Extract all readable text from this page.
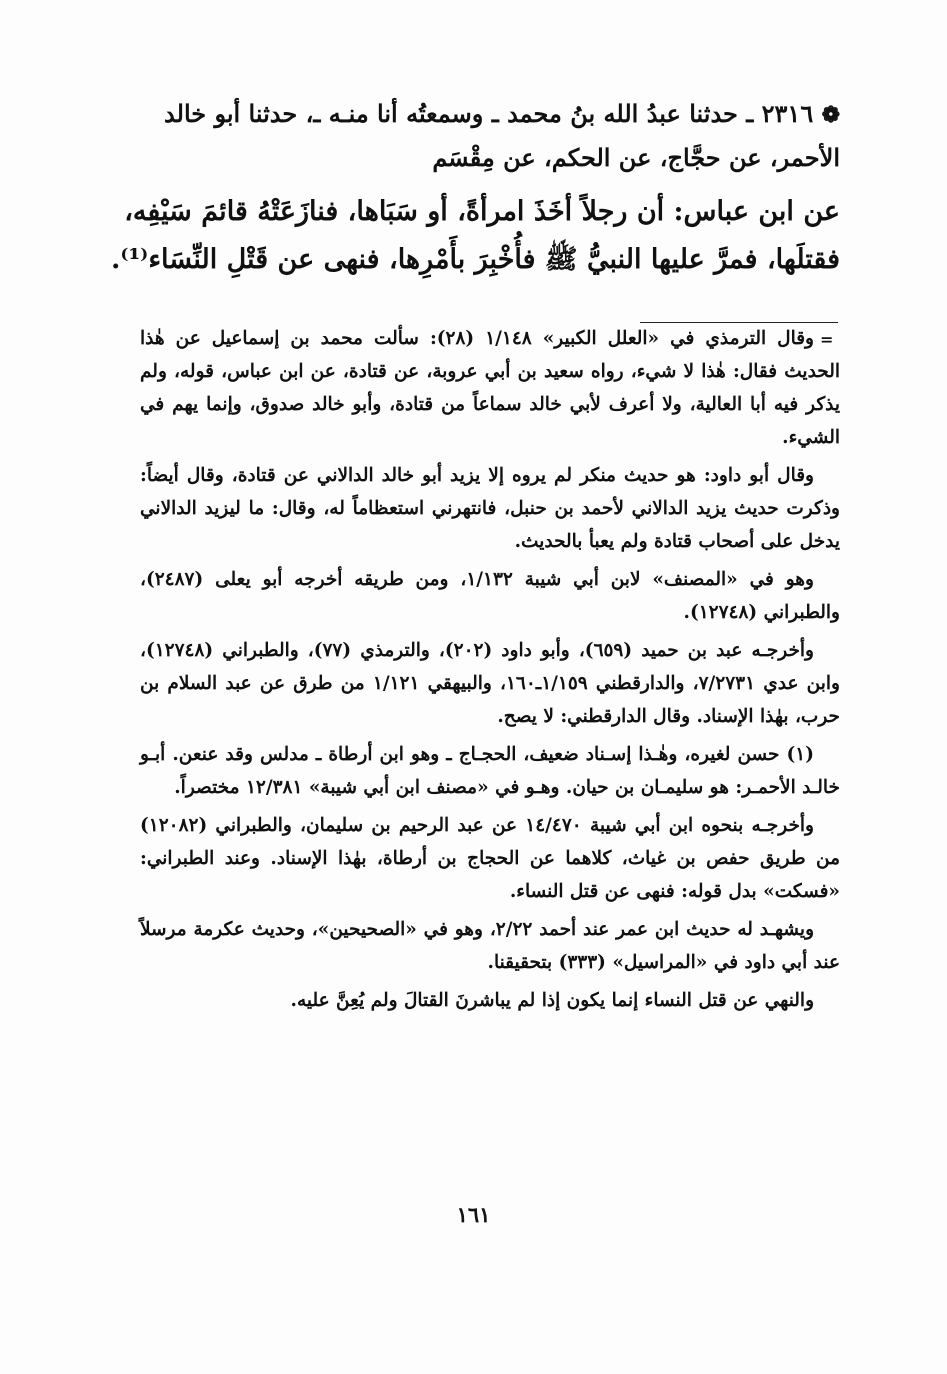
❁ ٢٣١٦ ـ حدثنا عبدُ الله بنُ محمد ـ وسمعتُه أنا منـه ـ، حدثنا أبو خالد
الأحمر، عن حجَّاج، عن الحكم، عن مِقْسَم
عن ابن عباس: أن رجلاً أخَذَ امرأةً، أو سَبَاها، فنازَعَتْهُ قائمَ سَيْفِه،
فقتلَها، فمرَّ عليها النبيُّ ﷺ فأُخْبِرَ بأَمْرِها، فنهى عن قَتْلِ النِّسَاء⁽¹⁾.
=

وقال الترمذي في «العلل الكبير» ١/١٤٨ (٢٨): سألت محمد بن إسماعيل عن هٰذا الحديث فقال: هٰذا لا شيء، رواه سعيد بن أبي عروبة، عن قتادة، عن ابن عباس، قوله، ولم يذكر فيه أبا العالية، ولا أعرف لأبي خالد سماعاً من قتادة، وأبو خالد صدوق، وإنما يهم في الشيء.

وقال أبو داود: هو حديث منكر لم يروه إلا يزيد أبو خالد الدالاني عن قتادة، وقال أيضاً: وذكرت حديث يزيد الدالاني لأحمد بن حنبل، فانتهرني استعظاماً له، وقال: ما ليزيد الدالاني يدخل على أصحاب قتادة ولم يعبأ بالحديث.

وهو في «المصنف» لابن أبي شيبة ١/١٣٢، ومن طريقه أخرجه أبو يعلى (٢٤٨٧)، والطبراني (١٢٧٤٨).

وأخرجـه عبد بن حميد (٦٥٩)، وأبو داود (٢٠٢)، والترمذي (٧٧)، والطبراني (١٢٧٤٨)، وابن عدي ٧/٢٧٣١، والدارقطني ١/١٥٩ـ١٦٠، والبيهقي ١/١٢١ من طرق عن عبد السلام بن حرب، بهٰذا الإسناد. وقال الدارقطني: لا يصح.

(١) حسن لغيره، وهٰـذا إسـناد ضعيف، الحجـاج ـ وهو ابن أرطاة ـ مدلس وقد عنعن. أبـو خالـد الأحمـر: هو سليمـان بن حيان. وهـو في «مصنف ابن أبي شيبة» ١٢/٣٨١ مختصراً.

وأخرجـه بنحوه ابن أبي شيبة ١٤/٤٧٠ عن عبد الرحيم بن سليمان، والطبراني (١٢٠٨٢) من طريق حفص بن غياث، كلاهما عن الحجاج بن أرطاة، بهٰذا الإسناد. وعند الطبراني: «فسكت» بدل قوله: فنهى عن قتل النساء.

ويشهـد له حديث ابن عمر عند أحمد ٢/٢٢، وهو في «الصحيحين»، وحديث عكرمة مرسلاً عند أبي داود في «المراسيل» (٣٣٣) بتحقيقنا.

والنهي عن قتل النساء إنما يكون إذا لم يباشرنَ القتالَ ولم يُعِنَّ عليه.

١٦١
